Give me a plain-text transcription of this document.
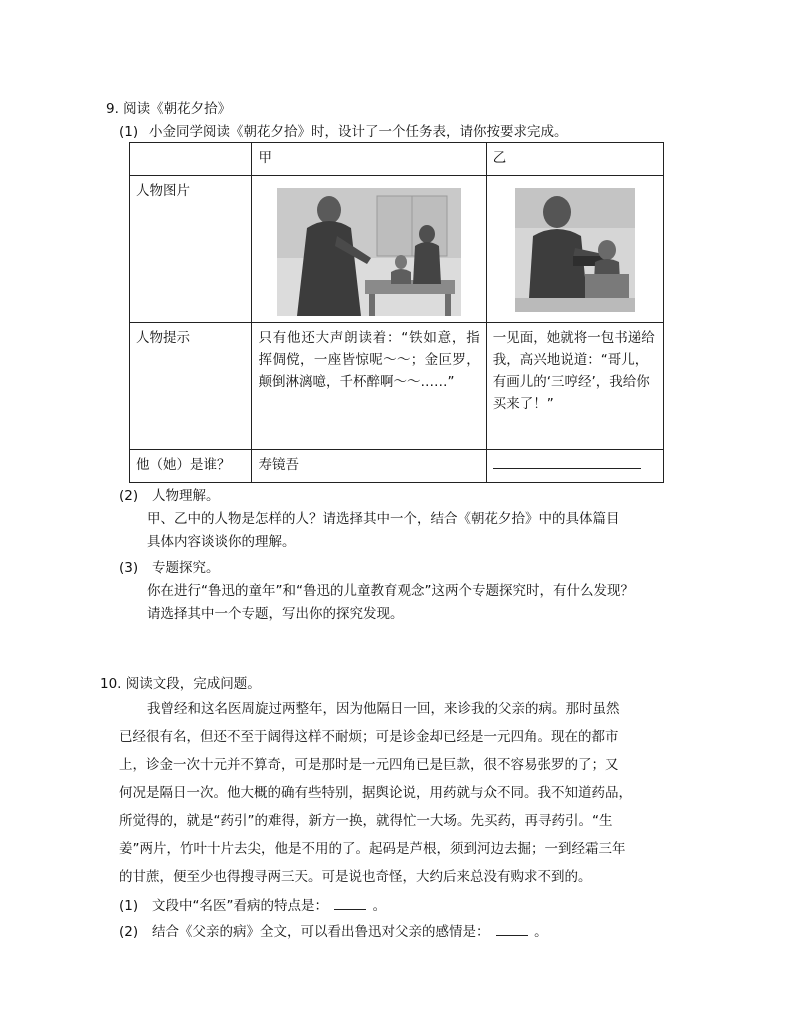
9. 阅读《朝花夕拾》
(1) 小金同学阅读《朝花夕拾》时，设计了一个任务表，请你按要求完成。
	甲	乙
人物图片	

人物提示	只有他还大声朗读着：“铁如意，指挥倜傥，一座皆惊呢～～；金叵罗，颠倒淋漓噫，千杯醉啊～～……”	一见面，她就将一包书递给我，高兴地说道：“哥儿，有画儿的‘三哼经’，我给你买来了！”
他（她）是谁？	寿镜吾	
(2) 人物理解。
甲、乙中的人物是怎样的人？请选择其中一个，结合《朝花夕拾》中的具体篇目
具体内容谈谈你的理解。
(3) 专题探究。
你在进行“鲁迅的童年”和“鲁迅的儿童教育观念”这两个专题探究时，有什么发现？
请选择其中一个专题，写出你的探究发现。
10. 阅读文段，完成问题。
我曾经和这名医周旋过两整年，因为他隔日一回，来诊我的父亲的病。那时虽然
已经很有名，但还不至于阔得这样不耐烦；可是诊金却已经是一元四角。现在的都市
上，诊金一次十元并不算奇，可是那时是一元四角已是巨款，很不容易张罗的了；又
何况是隔日一次。他大概的确有些特别，据舆论说，用药就与众不同。我不知道药品，
所觉得的，就是“药引”的难得，新方一换，就得忙一大场。先买药，再寻药引。“生
姜”两片，竹叶十片去尖，他是不用的了。起码是芦根，须到河边去掘；一到经霜三年
的甘蔗，便至少也得搜寻两三天。可是说也奇怪，大约后来总没有购求不到的。
(1) 文段中“名医”看病的特点是：	。
(2) 结合《父亲的病》全文，可以看出鲁迅对父亲的感情是：	。
